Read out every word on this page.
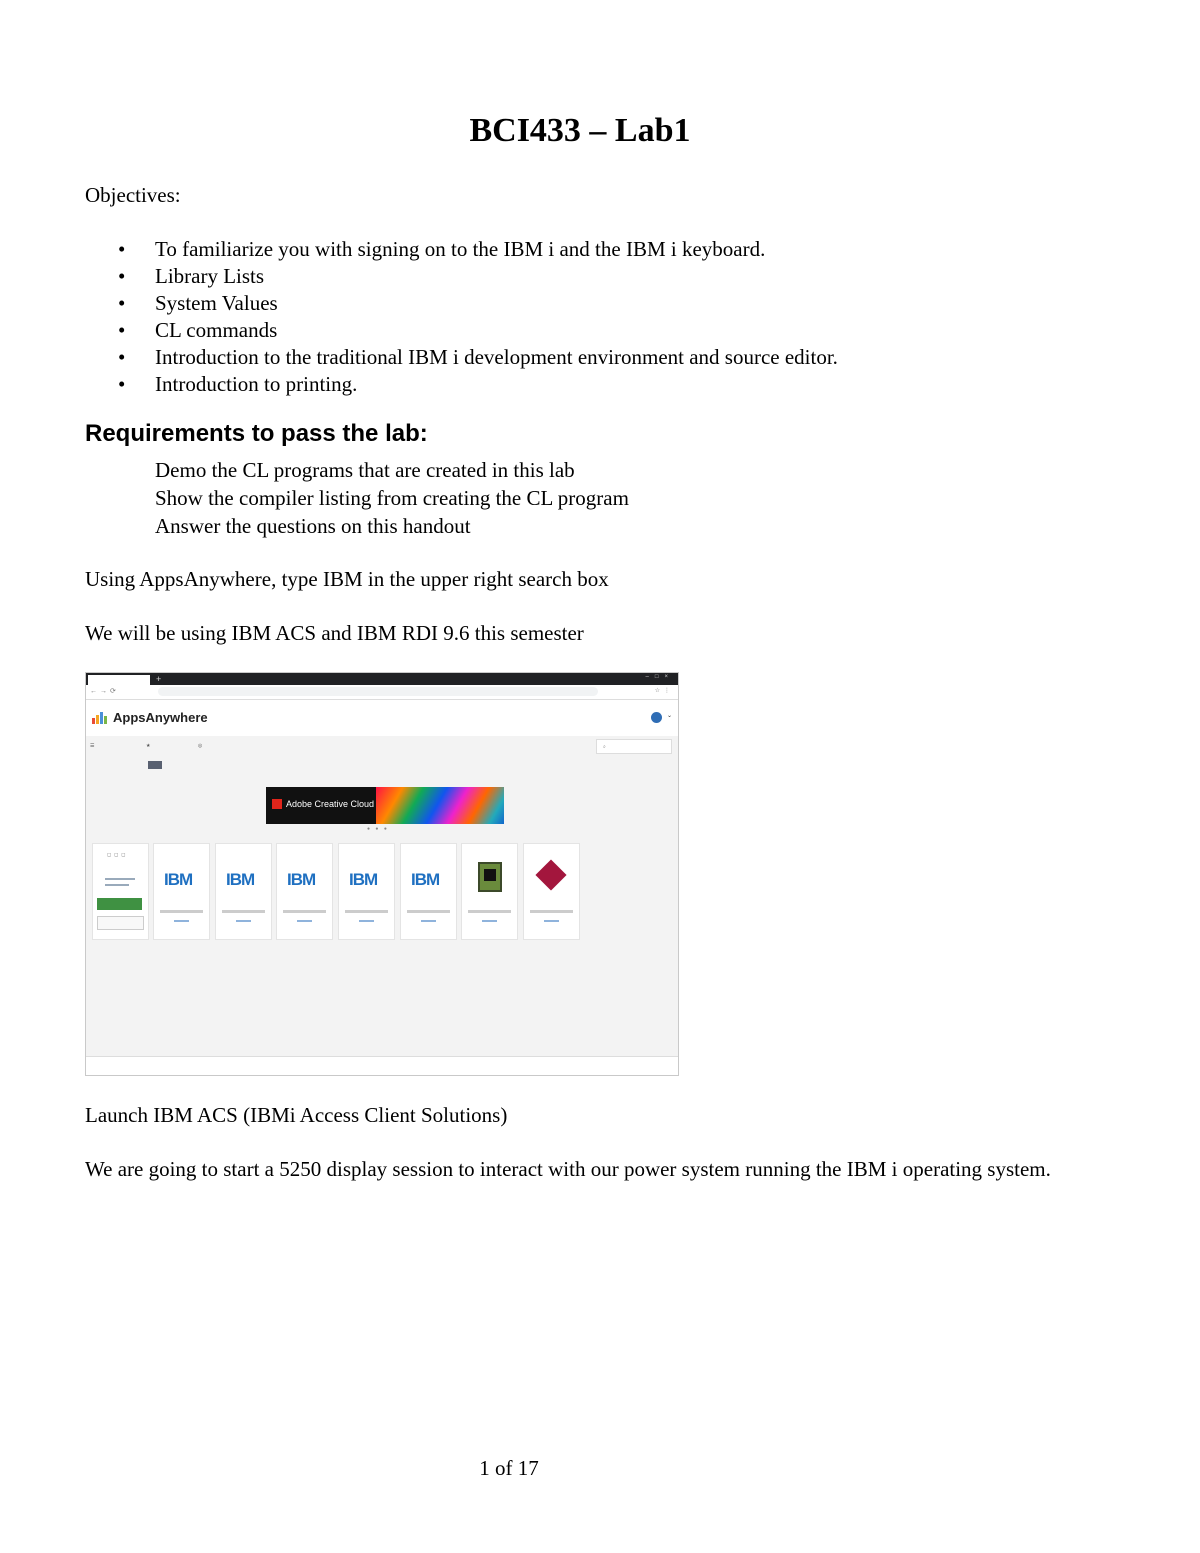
BCI433 – Lab1

Objectives:

• To familiarize you with signing on to the IBM i and the IBM i keyboard.
• Library Lists
• System Values
• CL commands
• Introduction to the traditional IBM i development environment and source editor.
• Introduction to printing.
Requirements to pass the lab:
Demo the CL programs that are created in this lab
Show the compiler listing from creating the CL program
Answer the questions on this handout

Using AppsAnywhere, type IBM in the upper right search box

We will be using IBM ACS and IBM RDI 9.6 this semester

+	–□×
←→⟳	☆⋮
AppsAnywhere	⌄
☰	★	◎	⌕
Adobe Creative Cloud
● ● ●
◻◻◻
IBM IBM IBM IBM IBM

Launch IBM ACS (IBMi Access Client Solutions)

We are going to start a 5250 display session to interact with our power system running the IBM i operating system.

1 of 17
